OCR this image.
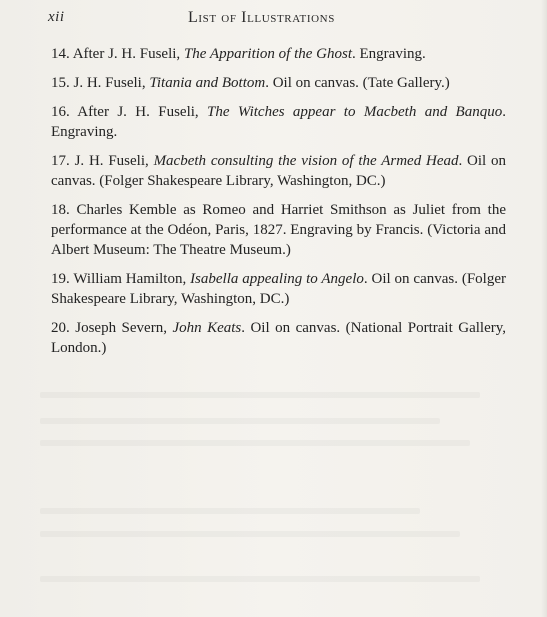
xii	List of Illustrations

14. After J. H. Fuseli, The Apparition of the Ghost. Engraving.

15. J. H. Fuseli, Titania and Bottom. Oil on canvas. (Tate Gallery.)

16. After J. H. Fuseli, The Witches appear to Macbeth and Banquo. Engraving.

17. J. H. Fuseli, Macbeth consulting the vision of the Armed Head. Oil on canvas. (Folger Shakespeare Library, Washington, DC.)

18. Charles Kemble as Romeo and Harriet Smithson as Juliet from the performance at the Odéon, Paris, 1827. Engraving by Francis. (Victoria and Albert Museum: The Theatre Museum.)

19. William Hamilton, Isabella appealing to Angelo. Oil on canvas. (Folger Shakespeare Library, Washington, DC.)

20. Joseph Severn, John Keats. Oil on canvas. (National Portrait Gallery, London.)
